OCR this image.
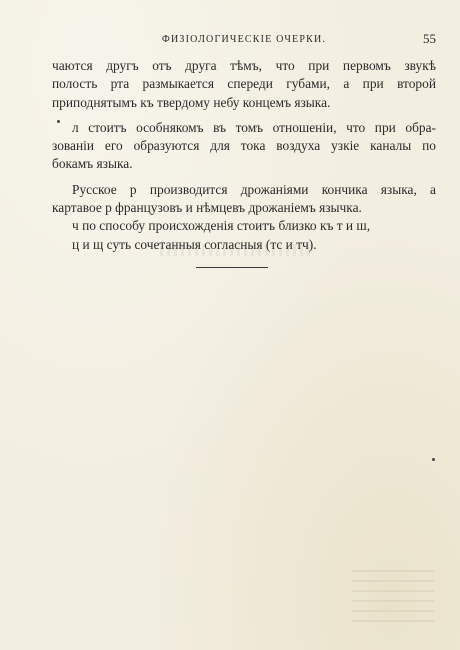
ФИЗІОЛОГИЧЕСКІЕ ОЧЕРКИ.	55
чаются другъ отъ друга тѣмъ, что при первомъ звукѣ
полость рта размыкается спереди губами, а при второй
приподнятымъ къ твердому небу концемъ языка.
л стоитъ особнякомъ въ томъ отношеніи, что при обра-
зованіи его образуются для тока воздуха узкіе каналы по
бокамъ языка.
Русское р производится дрожаніями кончика языка, а
картавое р французовъ и нѣмцевъ дрожаніемъ язычка.
ч по способу происхожденія стоитъ близко къ т и ш,
ц и щ суть сочетанныя согласныя (тс и тч).
